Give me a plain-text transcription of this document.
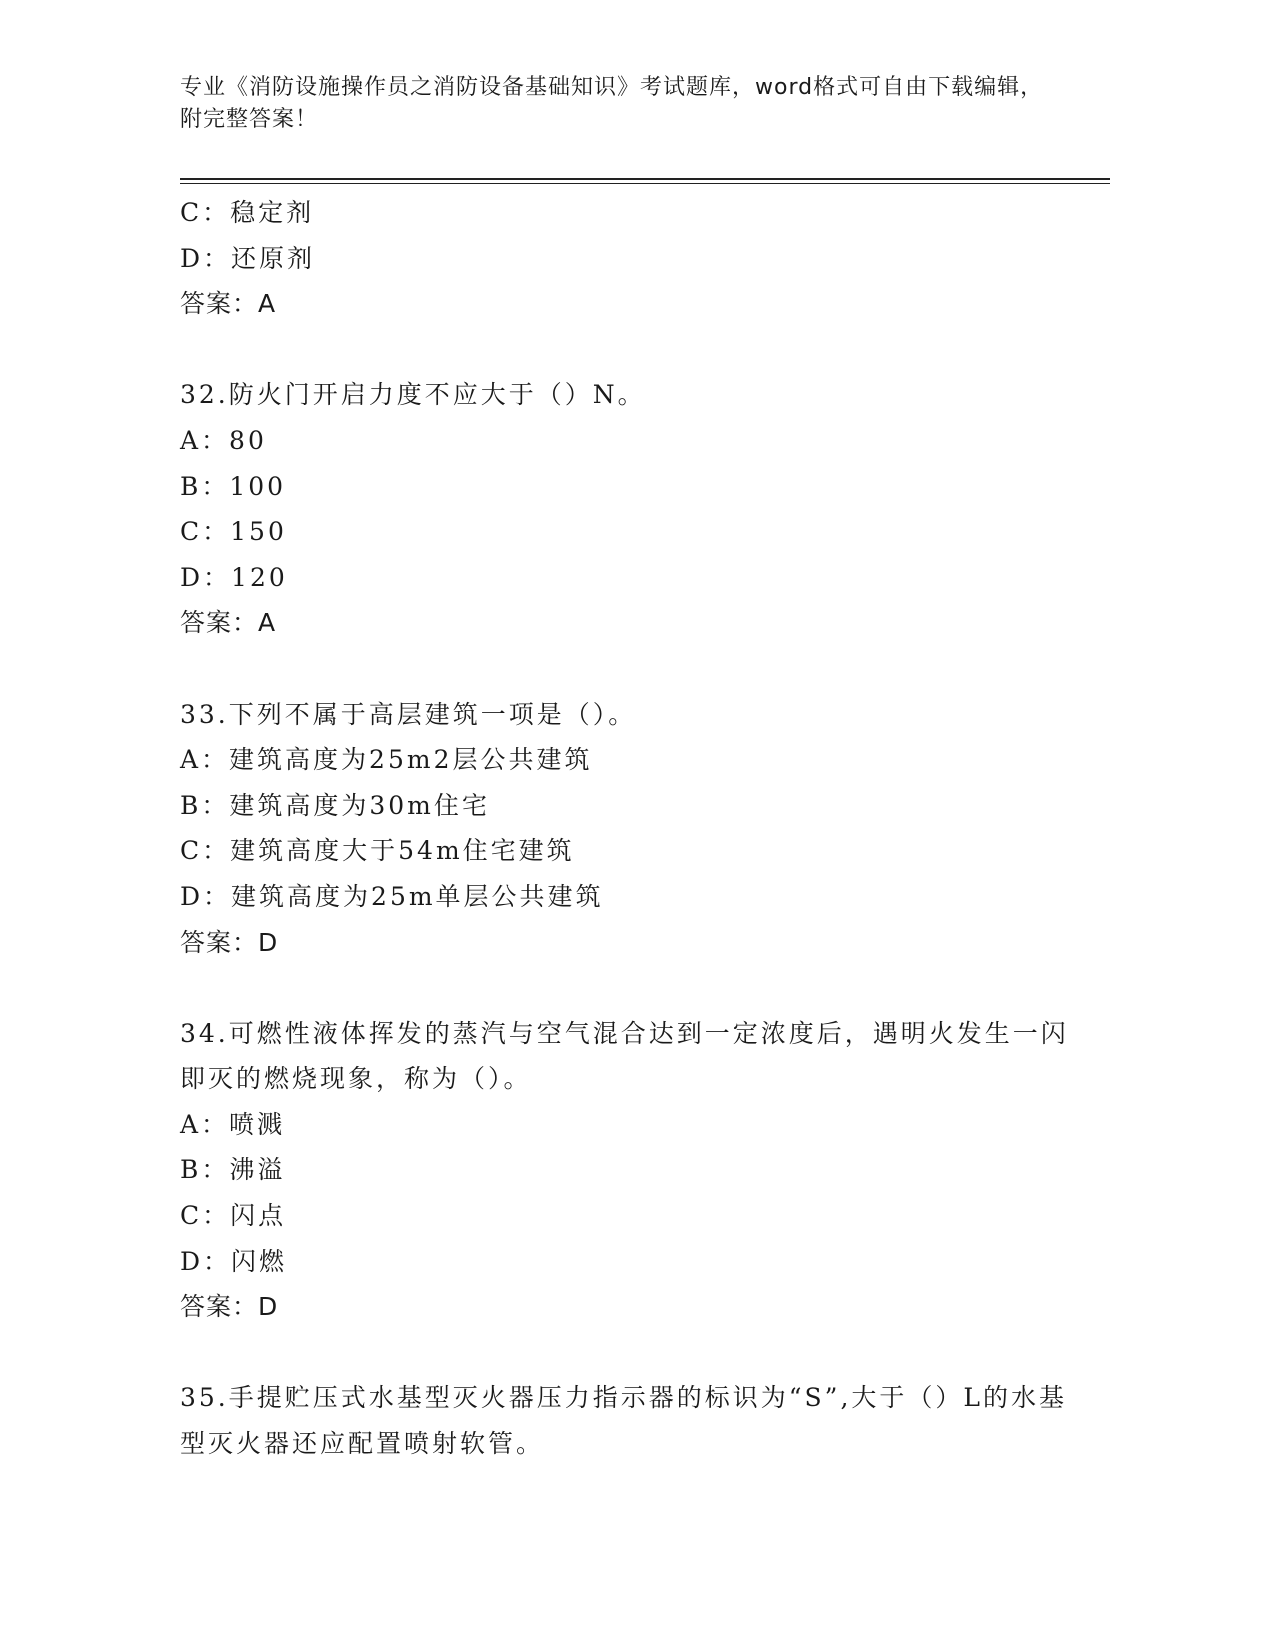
专业《消防设施操作员之消防设备基础知识》考试题库，word格式可自由下载编辑，附完整答案！
C：稳定剂
D：还原剂
答案：A
32.防火门开启力度不应大于（）N。
A：80
B：100
C：150
D：120
答案：A
33.下列不属于高层建筑一项是（）。
A：建筑高度为25m2层公共建筑
B：建筑高度为30m住宅
C：建筑高度大于54m住宅建筑
D：建筑高度为25m单层公共建筑
答案：D
34.可燃性液体挥发的蒸汽与空气混合达到一定浓度后，遇明火发生一闪即灭的燃烧现象，称为（）。
A：喷溅
B：沸溢
C：闪点
D：闪燃
答案：D
35.手提贮压式水基型灭火器压力指示器的标识为“S”,大于（）L的水基型灭火器还应配置喷射软管。
